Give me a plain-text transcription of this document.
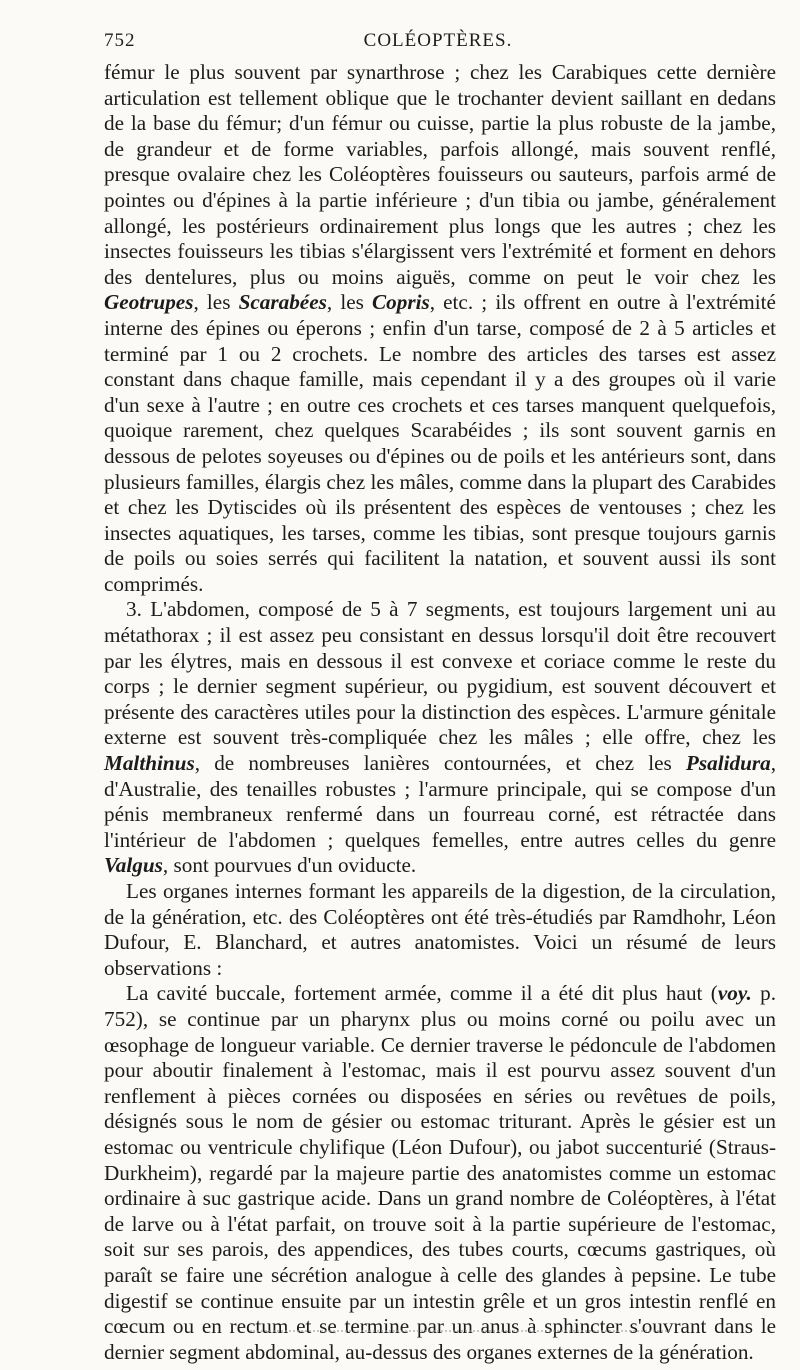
752	COLÉOPTÈRES.

fémur le plus souvent par synarthrose ; chez les Carabiques cette dernière articulation est tellement oblique que le trochanter devient saillant en dedans de la base du fémur; d'un fémur ou cuisse, partie la plus robuste de la jambe, de grandeur et de forme variables, parfois allongé, mais souvent renflé, presque ovalaire chez les Coléoptères fouisseurs ou sauteurs, parfois armé de pointes ou d'épines à la partie inférieure ; d'un tibia ou jambe, généralement allongé, les postérieurs ordinairement plus longs que les autres ; chez les insectes fouisseurs les tibias s'élargissent vers l'extrémité et forment en dehors des dentelures, plus ou moins aiguës, comme on peut le voir chez les Geotrupes, les Scarabées, les Copris, etc. ; ils offrent en outre à l'extrémité interne des épines ou éperons ; enfin d'un tarse, composé de 2 à 5 articles et terminé par 1 ou 2 crochets. Le nombre des articles des tarses est assez constant dans chaque famille, mais cependant il y a des groupes où il varie d'un sexe à l'autre ; en outre ces crochets et ces tarses manquent quelquefois, quoique rarement, chez quelques Scarabéides ; ils sont souvent garnis en dessous de pelotes soyeuses ou d'épines ou de poils et les antérieurs sont, dans plusieurs familles, élargis chez les mâles, comme dans la plupart des Carabides et chez les Dytiscides où ils présentent des espèces de ventouses ; chez les insectes aquatiques, les tarses, comme les tibias, sont presque toujours garnis de poils ou soies serrés qui facilitent la natation, et souvent aussi ils sont comprimés.

3. L'abdomen, composé de 5 à 7 segments, est toujours largement uni au métathorax ; il est assez peu consistant en dessus lorsqu'il doit être recouvert par les élytres, mais en dessous il est convexe et coriace comme le reste du corps ; le dernier segment supérieur, ou pygidium, est souvent découvert et présente des caractères utiles pour la distinction des espèces. L'armure génitale externe est souvent très-compliquée chez les mâles ; elle offre, chez les Malthinus, de nombreuses lanières contournées, et chez les Psalidura, d'Australie, des tenailles robustes ; l'armure principale, qui se compose d'un pénis membraneux renfermé dans un fourreau corné, est rétractée dans l'intérieur de l'abdomen ; quelques femelles, entre autres celles du genre Valgus, sont pourvues d'un oviducte.

Les organes internes formant les appareils de la digestion, de la circulation, de la génération, etc. des Coléoptères ont été très-étudiés par Ramdhohr, Léon Dufour, E. Blanchard, et autres anatomistes. Voici un résumé de leurs observations :

La cavité buccale, fortement armée, comme il a été dit plus haut (voy. p. 752), se continue par un pharynx plus ou moins corné ou poilu avec un œsophage de longueur variable. Ce dernier traverse le pédoncule de l'abdomen pour aboutir finalement à l'estomac, mais il est pourvu assez souvent d'un renflement à pièces cornées ou disposées en séries ou revêtues de poils, désignés sous le nom de gésier ou estomac triturant. Après le gésier est un estomac ou ventricule chylifique (Léon Dufour), ou jabot succenturié (Straus-Durkheim), regardé par la majeure partie des anatomistes comme un estomac ordinaire à suc gastrique acide. Dans un grand nombre de Coléoptères, à l'état de larve ou à l'état parfait, on trouve soit à la partie supérieure de l'estomac, soit sur ses parois, des appendices, des tubes courts, cœcums gastriques, où paraît se faire une sécrétion analogue à celle des glandes à pepsine. Le tube digestif se continue ensuite par un intestin grêle et un gros intestin renflé en cœcum ou en rectum et se termine par un anus à sphincter s'ouvrant dans le dernier segment abdominal, au-dessus des organes externes de la génération.
